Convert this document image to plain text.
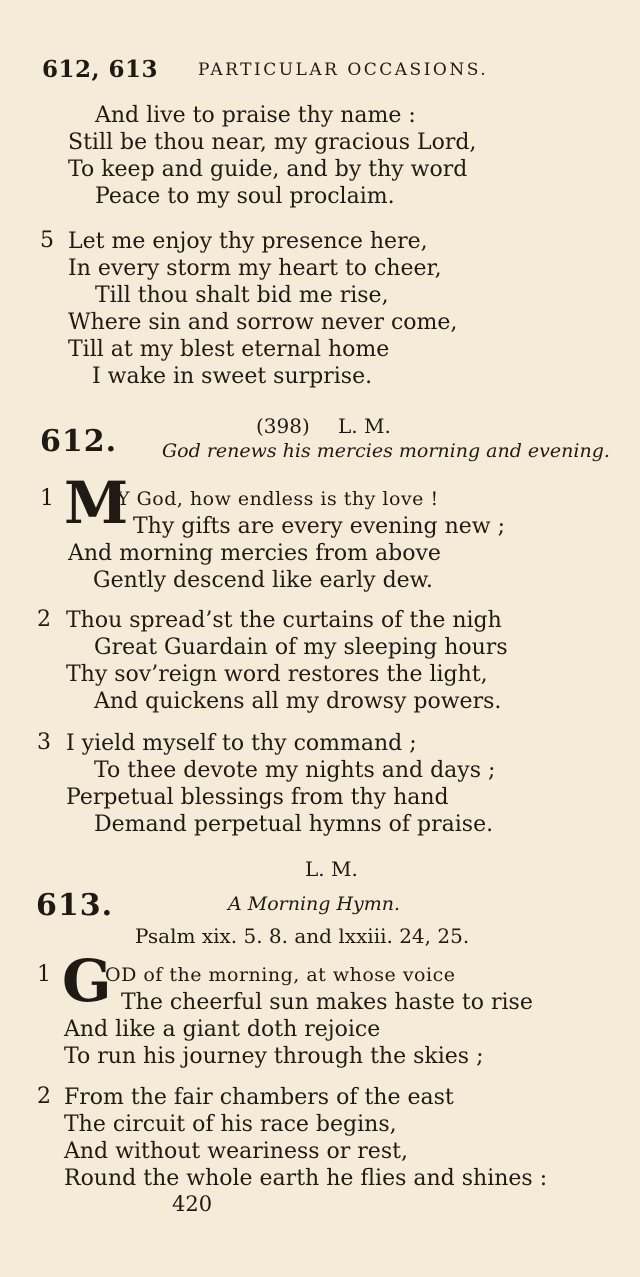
612, 613 PARTICULAR OCCASIONS.
And live to praise thy name :
Still be thou near, my gracious Lord,
To keep and guide, and by thy word
Peace to my soul proclaim.
5 Let me enjoy thy presence here,
In every storm my heart to cheer,
Till thou shalt bid me rise,
Where sin and sorrow never come,
Till at my blest eternal home
I wake in sweet surprise.
(398) L. M.
612. God renews his mercies morning and evening.
1 M
Y God, how endless is thy love !
Thy gifts are every evening new ;
And morning mercies from above
Gently descend like early dew.
2 Thou spread’st the curtains of the nigh
Great Guardain of my sleeping hours
Thy sov’reign word restores the light,
And quickens all my drowsy powers.
3 I yield myself to thy command ;
To thee devote my nights and days ;
Perpetual blessings from thy hand
Demand perpetual hymns of praise.
L. M.
613.	A Morning Hymn.
Psalm xix. 5. 8. and lxxiii. 24, 25.
1 G
OD of the morning, at whose voice
The cheerful sun makes haste to rise
And like a giant doth rejoice
To run his journey through the skies ;
2 From the fair chambers of the east
The circuit of his race begins,
And without weariness or rest,
Round the whole earth he flies and shines :
420
